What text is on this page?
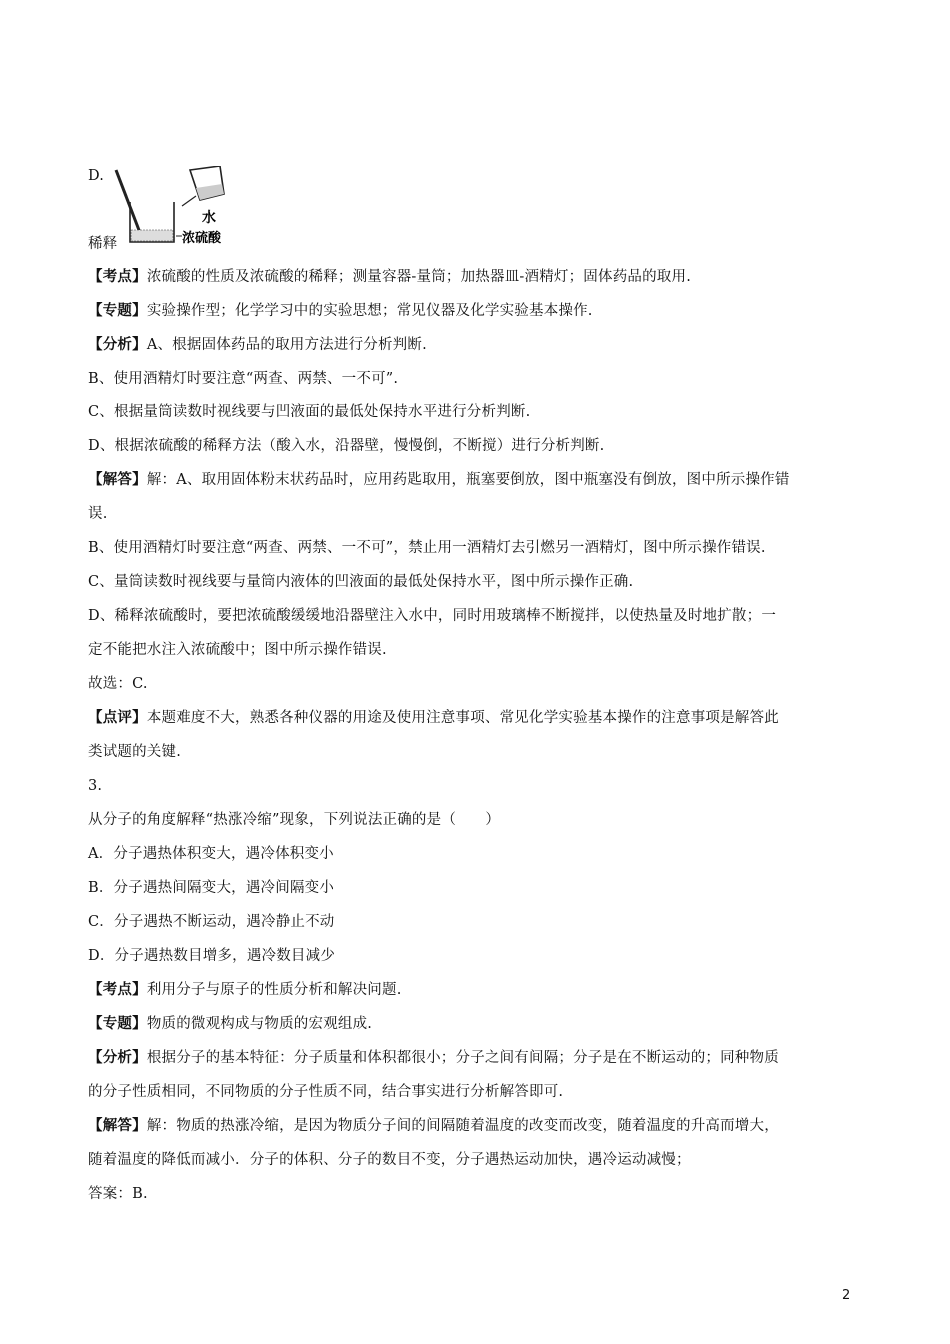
D.
水
浓硫酸
稀释
【考点】浓硫酸的性质及浓硫酸的稀释；测量容器-量筒；加热器皿-酒精灯；固体药品的取用.
【专题】实验操作型；化学学习中的实验思想；常见仪器及化学实验基本操作.
【分析】A、根据固体药品的取用方法进行分析判断.
B、使用酒精灯时要注意“两查、两禁、一不可”.
C、根据量筒读数时视线要与凹液面的最低处保持水平进行分析判断.
D、根据浓硫酸的稀释方法（酸入水，沿器壁，慢慢倒，不断搅）进行分析判断.
【解答】解：A、取用固体粉末状药品时，应用药匙取用，瓶塞要倒放，图中瓶塞没有倒放，图中所示操作错
误.
B、使用酒精灯时要注意“两查、两禁、一不可”，禁止用一酒精灯去引燃另一酒精灯，图中所示操作错误.
C、量筒读数时视线要与量筒内液体的凹液面的最低处保持水平，图中所示操作正确.
D、稀释浓硫酸时，要把浓硫酸缓缓地沿器壁注入水中，同时用玻璃棒不断搅拌，以使热量及时地扩散；一
定不能把水注入浓硫酸中；图中所示操作错误.
故选：C.
【点评】本题难度不大，熟悉各种仪器的用途及使用注意事项、常见化学实验基本操作的注意事项是解答此
类试题的关键.
3.
从分子的角度解释“热涨冷缩”现象，下列说法正确的是（　　）
A．分子遇热体积变大，遇冷体积变小
B．分子遇热间隔变大，遇冷间隔变小
C．分子遇热不断运动，遇冷静止不动
D．分子遇热数目增多，遇冷数目减少
【考点】利用分子与原子的性质分析和解决问题.
【专题】物质的微观构成与物质的宏观组成.
【分析】根据分子的基本特征：分子质量和体积都很小；分子之间有间隔；分子是在不断运动的；同种物质
的分子性质相同，不同物质的分子性质不同，结合事实进行分析解答即可.
【解答】解：物质的热涨冷缩，是因为物质分子间的间隔随着温度的改变而改变，随着温度的升高而增大，
随着温度的降低而减小．分子的体积、分子的数目不变，分子遇热运动加快，遇冷运动减慢；
答案：B.
2
